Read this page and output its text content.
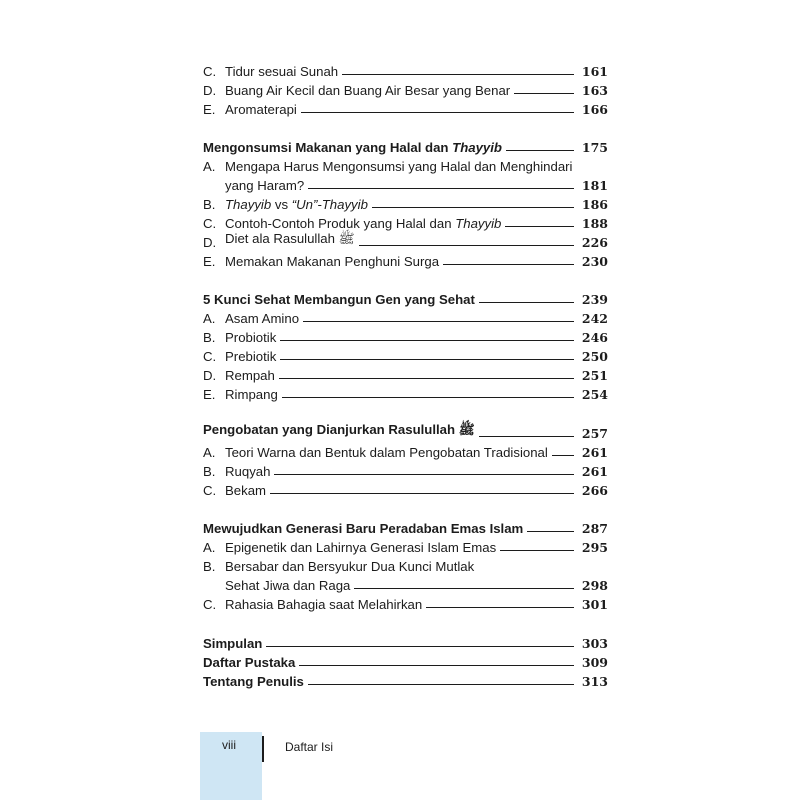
C. Tidur sesuai Sunah	161
D. Buang Air Kecil dan Buang Air Besar yang Benar	163
E. Aromaterapi	166
Mengonsumsi Makanan yang Halal dan Thayyib	175
A. Mengapa Harus Mengonsumsi yang Halal dan Menghindari
yang Haram?	181
B. Thayyib vs “Un”-Thayyib	186
C. Contoh-Contoh Produk yang Halal dan Thayyib	188
D. Diet ala Rasulullah ﷺ	226
E. Memakan Makanan Penghuni Surga	230
5 Kunci Sehat Membangun Gen yang Sehat	239
A. Asam Amino	242
B. Probiotik	246
C. Prebiotik	250
D. Rempah	251
E. Rimpang	254
Pengobatan yang Dianjurkan Rasulullah ﷺ	257
A. Teori Warna dan Bentuk dalam Pengobatan Tradisional	261
B. Ruqyah	261
C. Bekam	266
Mewujudkan Generasi Baru Peradaban Emas Islam	287
A. Epigenetik dan Lahirnya Generasi Islam Emas	295
B. Bersabar dan Bersyukur Dua Kunci Mutlak
Sehat Jiwa dan Raga	298
C. Rahasia Bahagia saat Melahirkan	301
Simpulan	303
Daftar Pustaka	309
Tentang Penulis	313
viii	Daftar Isi
